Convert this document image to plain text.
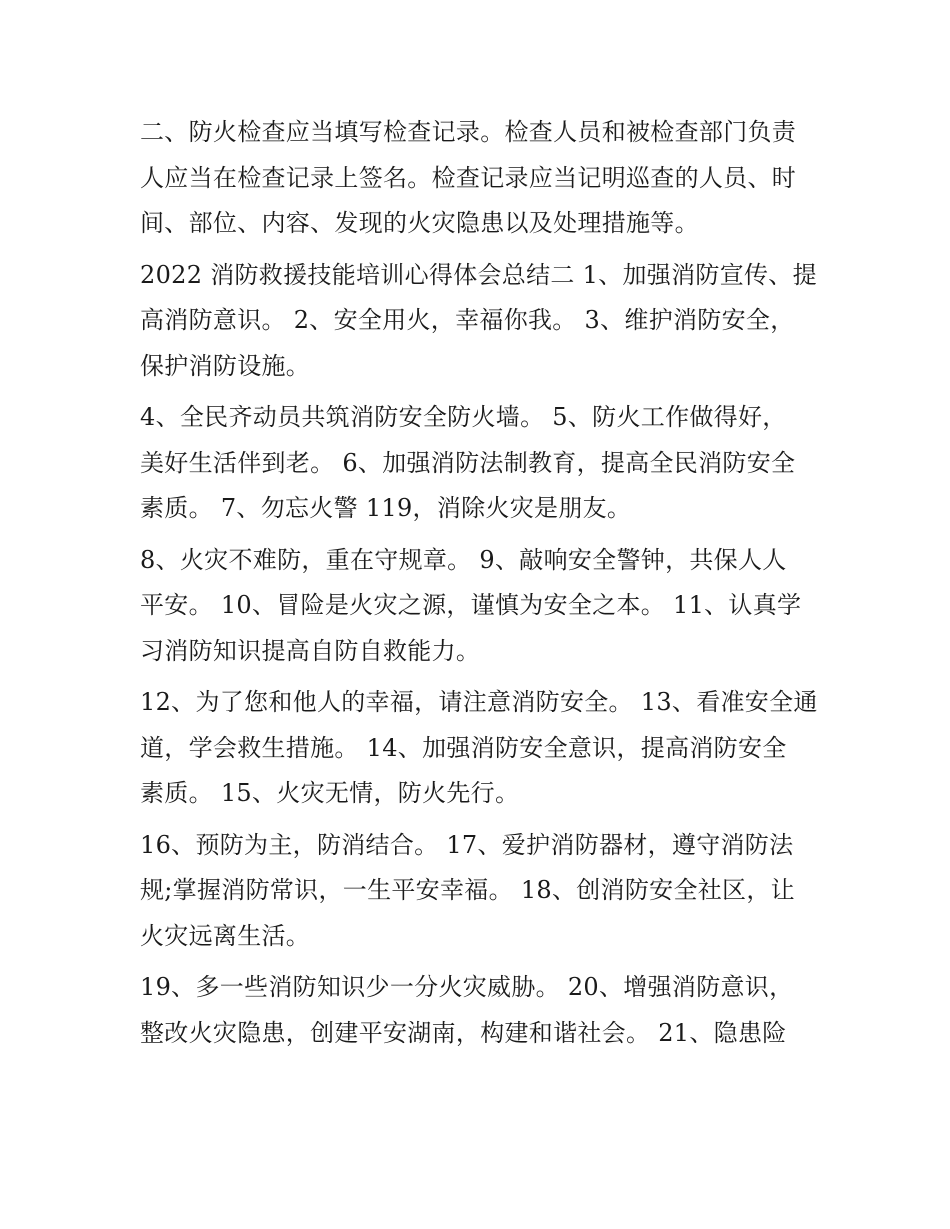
二、防火检查应当填写检查记录。检查人员和被检查部门负责
人应当在检查记录上签名。检查记录应当记明巡查的人员、时
间、部位、内容、发现的火灾隐患以及处理措施等。

2022 消防救援技能培训心得体会总结二 1、加强消防宣传、提
高消防意识。 2、安全用火，幸福你我。 3、维护消防安全，
保护消防设施。

4、全民齐动员共筑消防安全防火墙。 5、防火工作做得好，
美好生活伴到老。 6、加强消防法制教育，提高全民消防安全
素质。 7、勿忘火警 119，消除火灾是朋友。

8、火灾不难防，重在守规章。 9、敲响安全警钟，共保人人
平安。 10、冒险是火灾之源，谨慎为安全之本。 11、认真学
习消防知识提高自防自救能力。

12、为了您和他人的幸福，请注意消防安全。 13、看准安全通
道，学会救生措施。 14、加强消防安全意识，提高消防安全
素质。 15、火灾无情，防火先行。

16、预防为主，防消结合。 17、爱护消防器材，遵守消防法
规;掌握消防常识，一生平安幸福。 18、创消防安全社区，让
火灾远离生活。

19、多一些消防知识少一分火灾威胁。 20、增强消防意识，
整改火灾隐患，创建平安湖南，构建和谐社会。 21、隐患险
